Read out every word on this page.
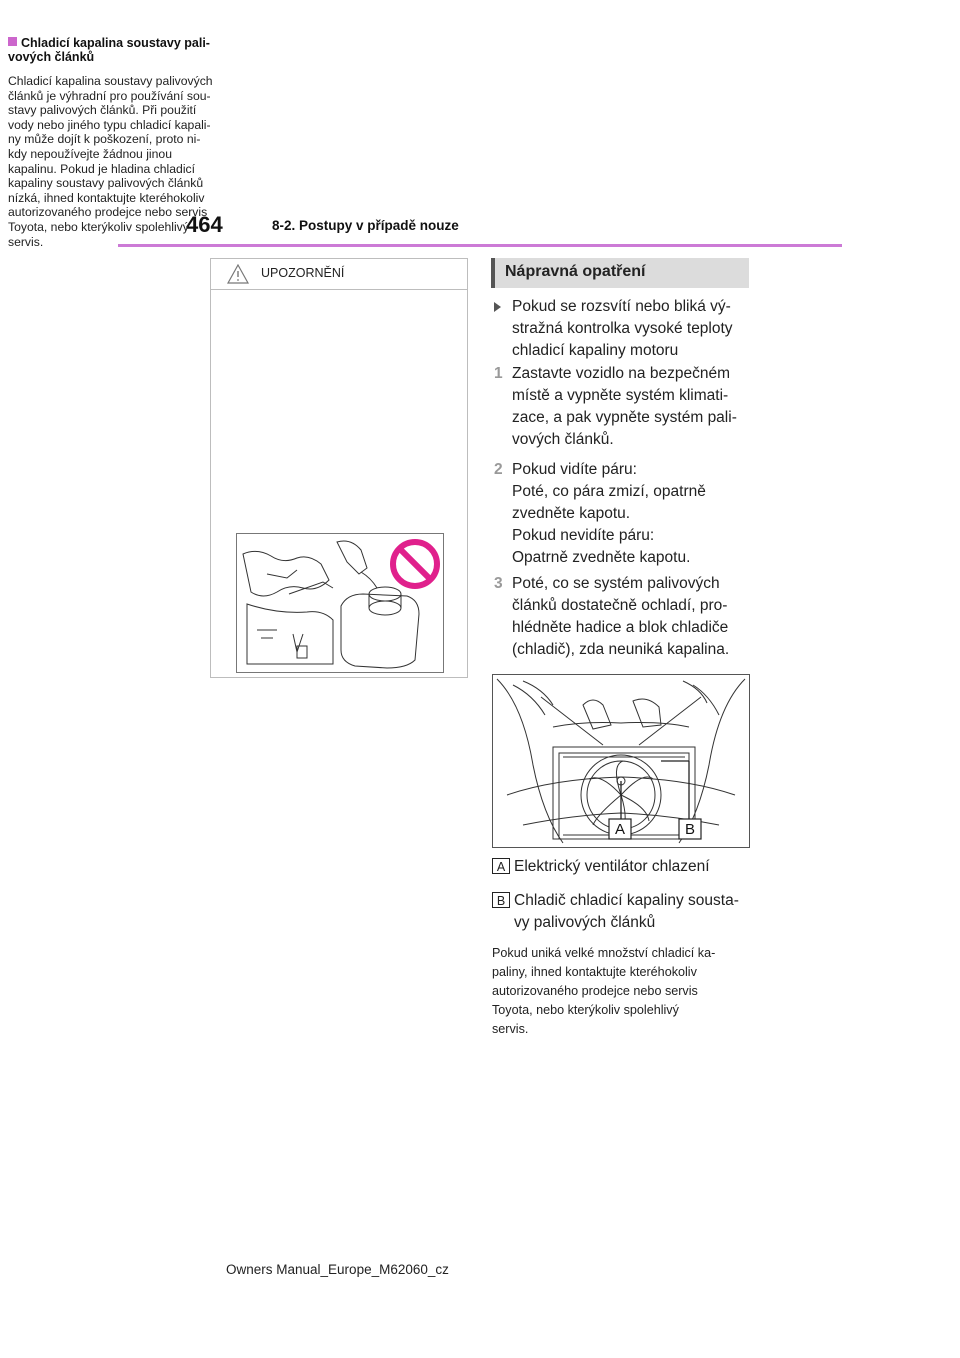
464	8-2. Postupy v případě nouze
UPOZORNĚNÍ
Chladicí kapalina soustavy pali-vových článků
Chladicí kapalina soustavy palivových
článků je výhradní pro používání sou-
stavy palivových článků. Při použití
vody nebo jiného typu chladicí kapali-
ny může dojít k poškození, proto ni-
kdy nepoužívejte žádnou jinou
kapalinu. Pokud je hladina chladicí
kapaliny soustavy palivových článků
nízká, ihned kontaktujte kteréhokoliv
autorizovaného prodejce nebo servis
Toyota, nebo kterýkoliv spolehlivý
servis.
Nápravná opatření
Pokud se rozsvítí nebo bliká vý-
stražná kontrolka vysoké teploty
chladicí kapaliny motoru
1 Zastavte vozidlo na bezpečném
místě a vypněte systém klimati-
zace, a pak vypněte systém pali-
vových článků.
2 Pokud vidíte páru:
Poté, co pára zmizí, opatrně
zvedněte kapotu.
Pokud nevidíte páru:
Opatrně zvedněte kapotu.
3 Poté, co se systém palivových
článků dostatečně ochladí, pro-
hlédněte hadice a blok chladiče
(chladič), zda neuniká kapalina.
A	B
A Elektrický ventilátor chlazení
B Chladič chladicí kapaliny sousta-
vy palivových článků
Pokud uniká velké množství chladicí ka-
paliny, ihned kontaktujte kteréhokoliv
autorizovaného prodejce nebo servis
Toyota, nebo kterýkoliv spolehlivý
servis.
Owners Manual_Europe_M62060_cz
